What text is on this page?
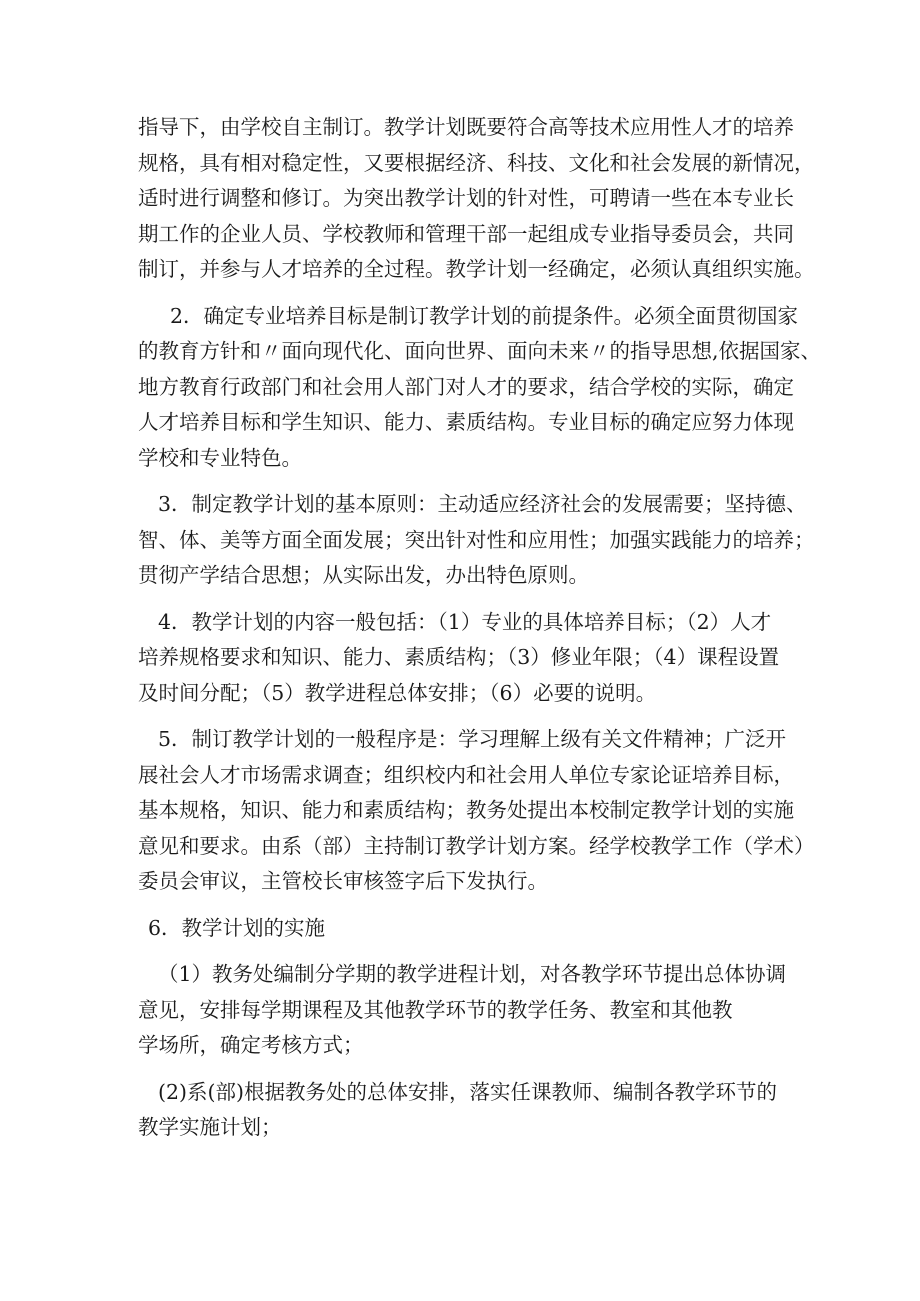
指导下，由学校自主制订。教学计划既要符合高等技术应用性人才的培养
规格，具有相对稳定性，又要根据经济、科技、文化和社会发展的新情况，
适时进行调整和修订。为突出教学计划的针对性，可聘请一些在本专业长
期工作的企业人员、学校教师和管理干部一起组成专业指导委员会，共同
制订，并参与人才培养的全过程。教学计划一经确定，必须认真组织实施。

2．确定专业培养目标是制订教学计划的前提条件。必须全面贯彻国家
的教育方针和〃面向现代化、面向世界、面向未来〃的指导思想,依据国家、
地方教育行政部门和社会用人部门对人才的要求，结合学校的实际，确定
人才培养目标和学生知识、能力、素质结构。专业目标的确定应努力体现
学校和专业特色。

3．制定教学计划的基本原则：主动适应经济社会的发展需要；坚持德、
智、体、美等方面全面发展；突出针对性和应用性；加强实践能力的培养；
贯彻产学结合思想；从实际出发，办出特色原则。

4．教学计划的内容一般包括：（1）专业的具体培养目标；（2）人才
培养规格要求和知识、能力、素质结构；（3）修业年限；（4）课程设置
及时间分配；（5）教学进程总体安排；（6）必要的说明。

5．制订教学计划的一般程序是：学习理解上级有关文件精神；广泛开
展社会人才市场需求调查；组织校内和社会用人单位专家论证培养目标，
基本规格，知识、能力和素质结构；教务处提出本校制定教学计划的实施
意见和要求。由系（部）主持制订教学计划方案。经学校教学工作（学术）
委员会审议，主管校长审核签字后下发执行。

6．教学计划的实施

（1）教务处编制分学期的教学进程计划，对各教学环节提出总体协调
意见，安排每学期课程及其他教学环节的教学任务、教室和其他教
学场所，确定考核方式；

(2)系(部)根据教务处的总体安排，落实任课教师、编制各教学环节的
教学实施计划；
